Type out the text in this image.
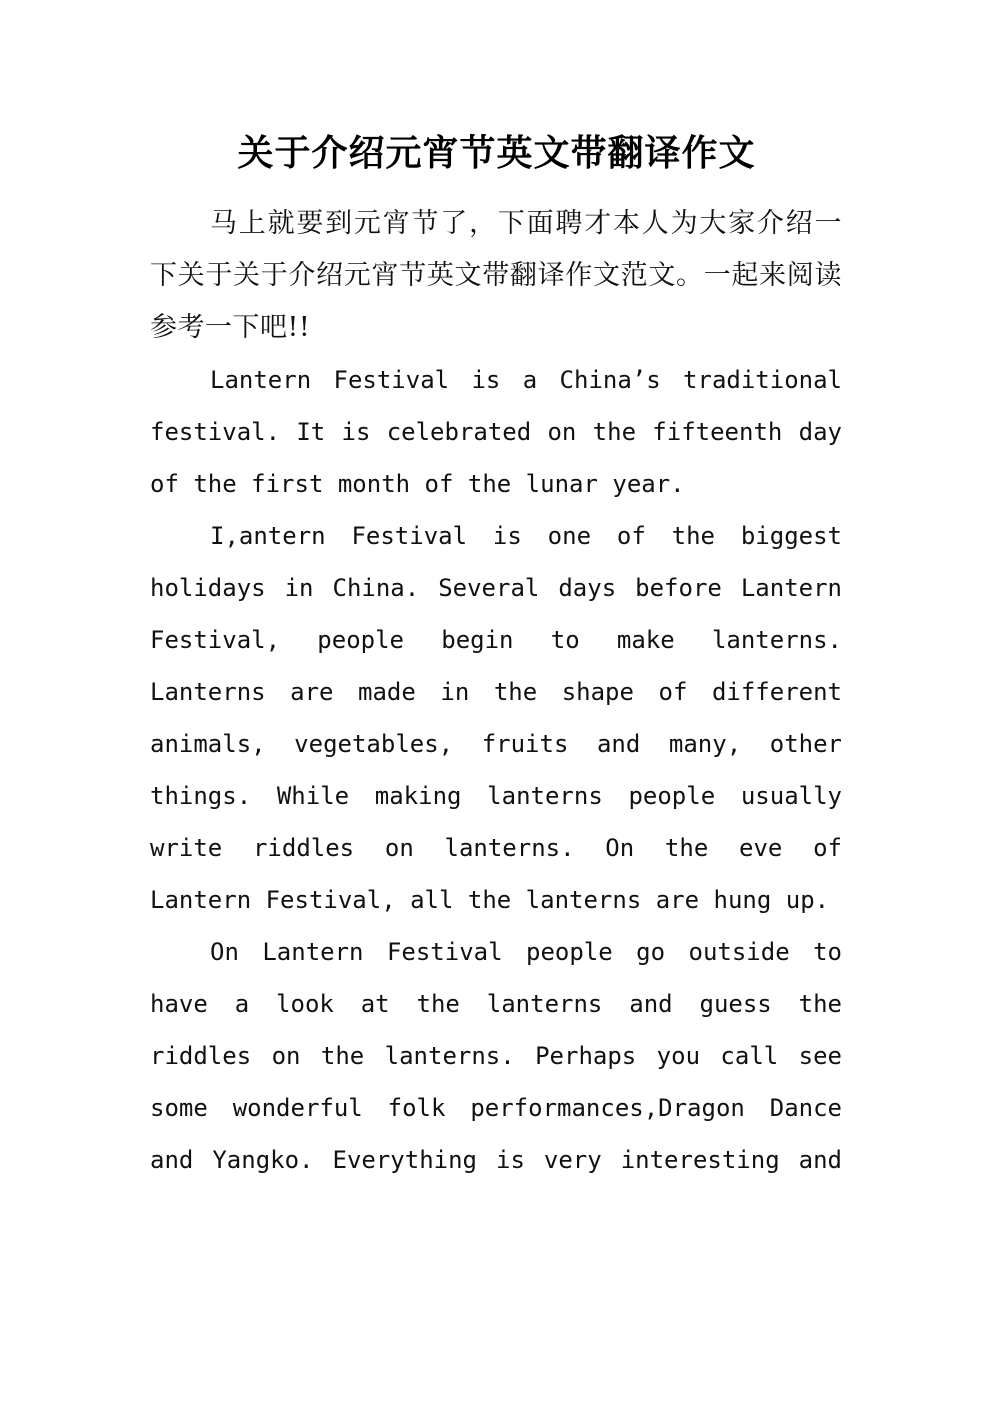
关于介绍元宵节英文带翻译作文

马上就要到元宵节了，下面聘才本人为大家介绍一下关于关于介绍元宵节英文带翻译作文范文。一起来阅读参考一下吧!!

Lantern Festival is a China’s traditional festival. It is celebrated on the fifteenth day of the first month of the lunar year.

I,antern Festival is one of the biggest holidays in China. Several days before Lantern Festival, people begin to make lanterns. Lanterns are made in the shape of different animals, vegetables, fruits and many, other things. While making lanterns people usually write riddles on lanterns. On the eve of Lantern Festival, all the lanterns are hung up.

On Lantern Festival people go outside to have a look at the lanterns and guess the riddles on the lanterns. Perhaps you call see some wonderful folk performances,Dragon Dance and Yangko. Everything is very interesting and
